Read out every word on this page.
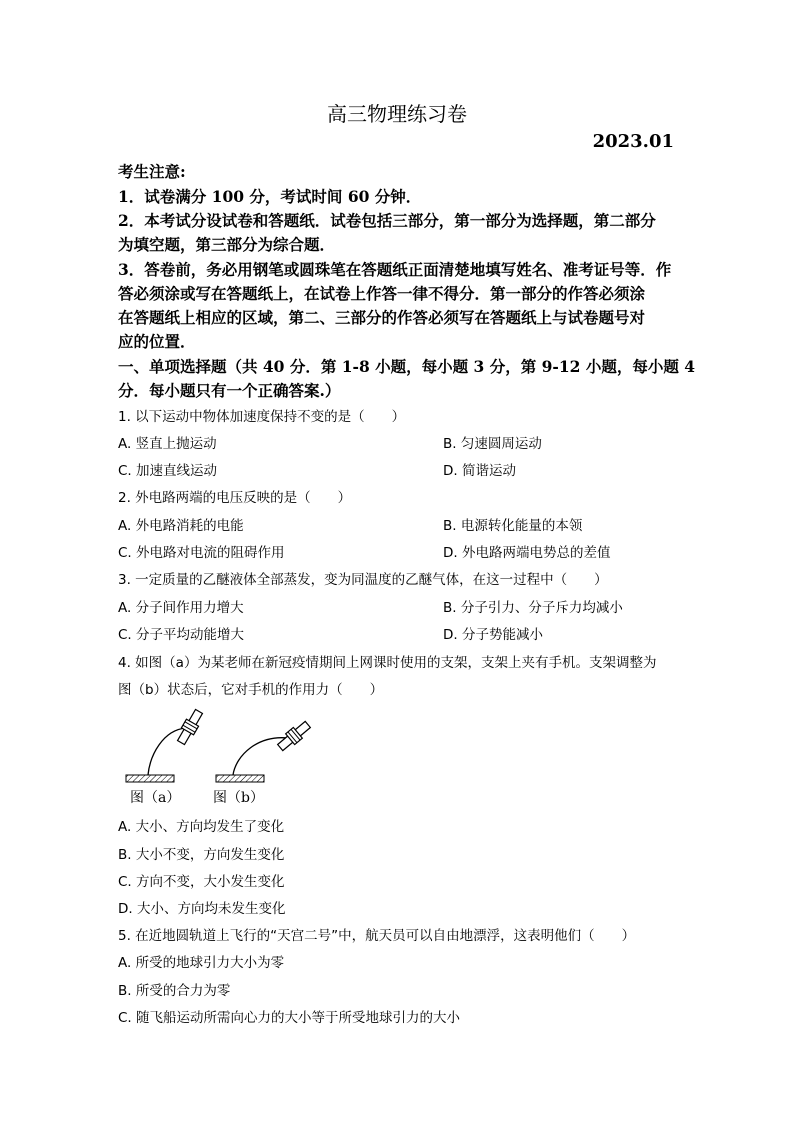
高三物理练习卷
2023.01
考生注意:
1．试卷满分 100 分，考试时间 60 分钟．
2．本考试分设试卷和答题纸．试卷包括三部分，第一部分为选择题，第二部分
为填空题，第三部分为综合题．
3．答卷前，务必用钢笔或圆珠笔在答题纸正面清楚地填写姓名、准考证号等．作
答必须涂或写在答题纸上，在试卷上作答一律不得分．第一部分的作答必须涂
在答题纸上相应的区域，第二、三部分的作答必须写在答题纸上与试卷题号对
应的位置．
一、单项选择题（共 40 分．第 1-8 小题，每小题 3 分，第 9-12 小题，每小题 4
分．每小题只有一个正确答案.）
1. 以下运动中物体加速度保持不变的是（　　）
A. 竖直上抛运动	B. 匀速圆周运动
C. 加速直线运动	D. 简谐运动
2. 外电路两端的电压反映的是（　　）
A. 外电路消耗的电能	B. 电源转化能量的本领
C. 外电路对电流的阻碍作用	D. 外电路两端电势总的差值
3. 一定质量的乙醚液体全部蒸发，变为同温度的乙醚气体，在这一过程中（　　）
A. 分子间作用力增大	B. 分子引力、分子斥力均减小
C. 分子平均动能增大	D. 分子势能减小
4. 如图（a）为某老师在新冠疫情期间上网课时使用的支架，支架上夹有手机。支架调整为
图（b）状态后，它对手机的作用力（　　）
图（a） 图（b）
A. 大小、方向均发生了变化
B. 大小不变，方向发生变化
C. 方向不变，大小发生变化
D. 大小、方向均未发生变化
5. 在近地圆轨道上飞行的“天宫二号”中，航天员可以自由地漂浮，这表明他们（　　）
A. 所受的地球引力大小为零
B. 所受的合力为零
C. 随飞船运动所需向心力的大小等于所受地球引力的大小
